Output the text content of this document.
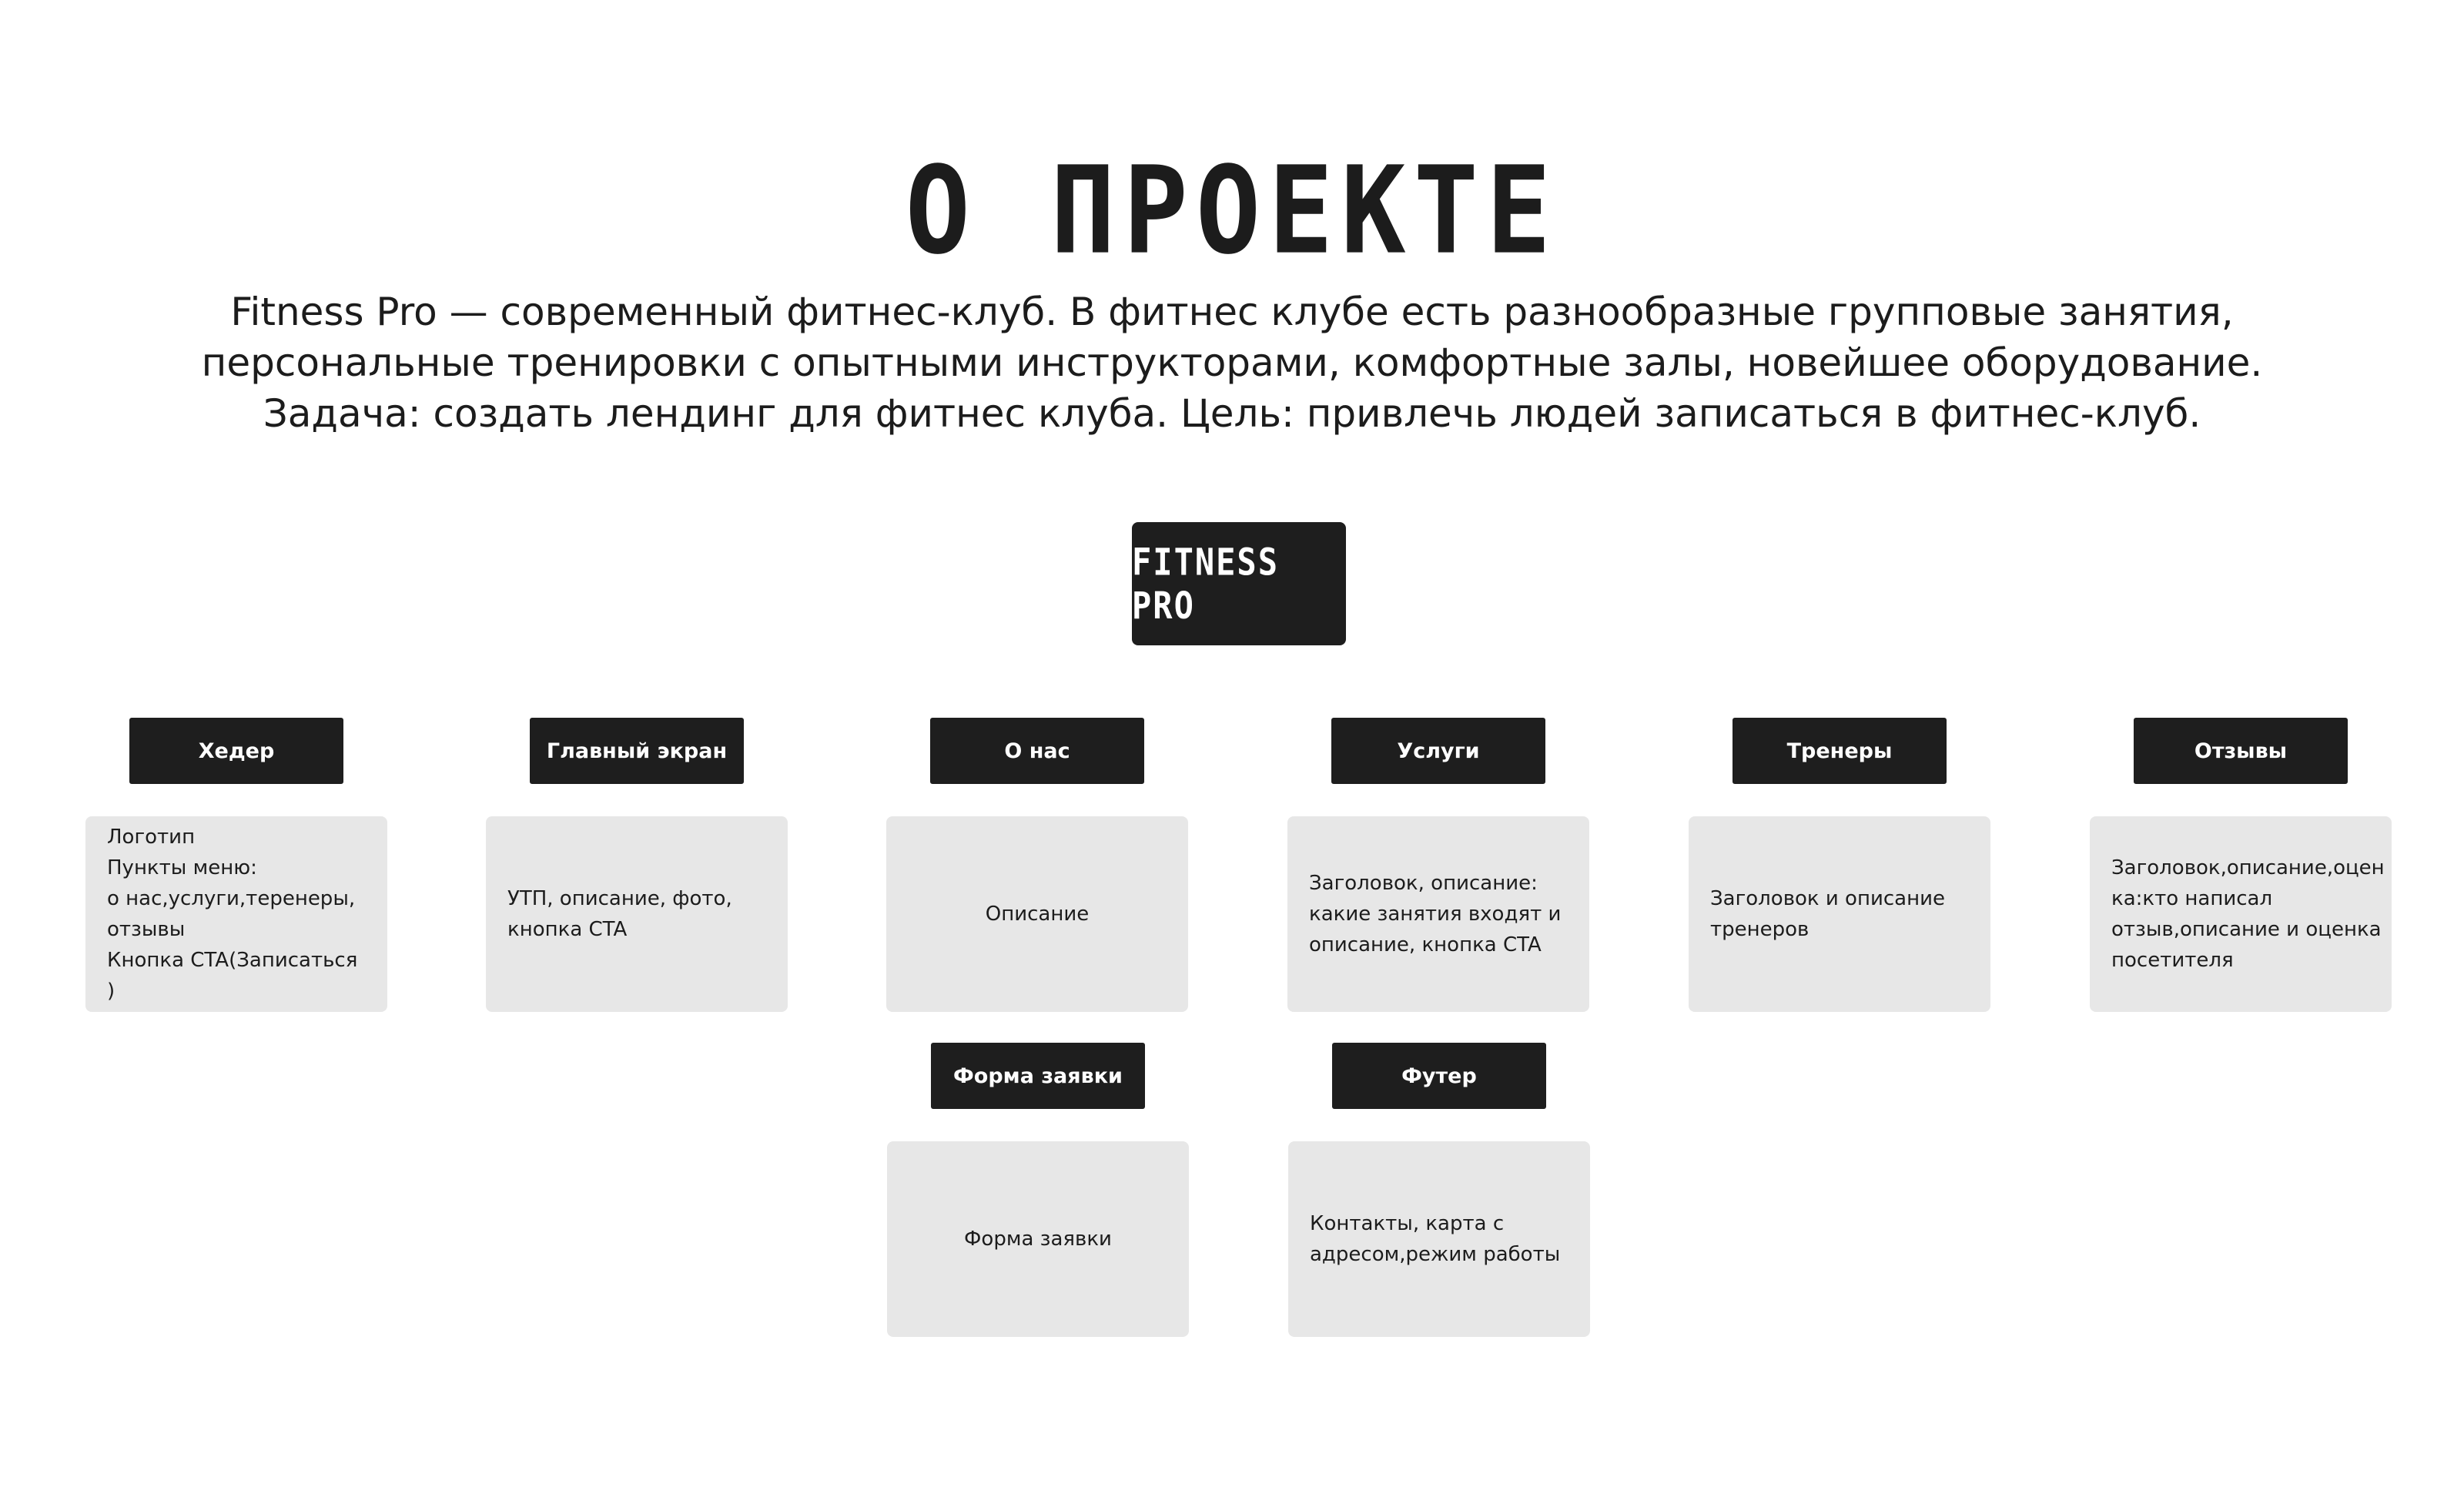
О ПРОЕКТЕ
Fitness Pro — современный фитнес-клуб. В фитнес клубе есть разнообразные групповые занятия,
персональные тренировки с опытными инструкторами, комфортные залы, новейшее оборудование.
Задача: создать лендинг для фитнес клуба. Цель: привлечь людей записаться в фитнес-клуб.
FITNESS PRO
Хедер	Главный экран	О нас	Услуги	Тренеры	Отзывы
Логотип
Пункты меню:
о нас,услуги,теренеры,
отзывы
Кнопка CTA(Записаться )
УТП, описание, фото,
кнопка CTA
Описание
Заголовок, описание:
какие занятия входят и
описание, кнопка CTA
Заголовок и описание
тренеров
Заголовок,описание,оцен
ка:кто написал
отзыв,описание и оценка
посетителя
Форма заявки	Футер
Форма заявки
Контакты, карта с
адресом,режим работы
